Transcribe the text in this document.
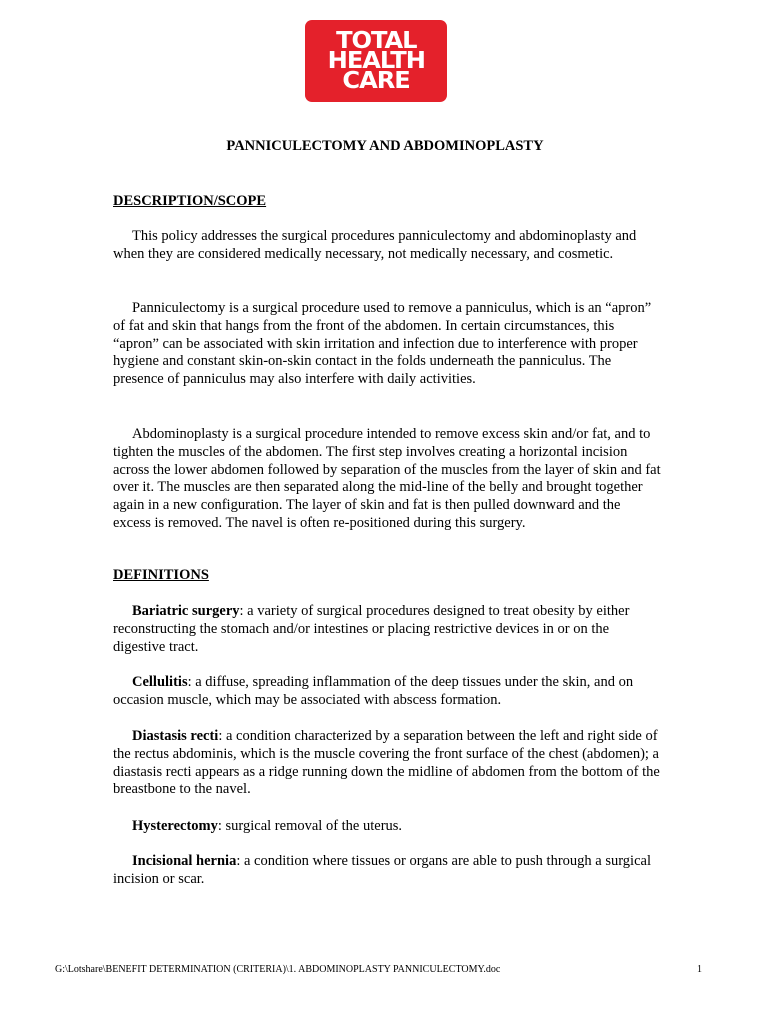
TOTAL
HEALTH
CARE
PANNICULECTOMY AND ABDOMINOPLASTY
DESCRIPTION/SCOPE

This policy addresses the surgical procedures panniculectomy and abdominoplasty and when they are considered medically necessary, not medically necessary, and cosmetic.

Panniculectomy is a surgical procedure used to remove a panniculus, which is an “apron” of fat and skin that hangs from the front of the abdomen. In certain circumstances, this “apron” can be associated with skin irritation and infection due to interference with proper hygiene and constant skin-on-skin contact in the folds underneath the panniculus. The presence of panniculus may also interfere with daily activities.

Abdominoplasty is a surgical procedure intended to remove excess skin and/or fat, and to tighten the muscles of the abdomen. The first step involves creating a horizontal incision across the lower abdomen followed by separation of the muscles from the layer of skin and fat over it. The muscles are then separated along the mid-line of the belly and brought together again in a new configuration. The layer of skin and fat is then pulled downward and the excess is removed. The navel is often re-positioned during this surgery.

DEFINITIONS

Bariatric surgery: a variety of surgical procedures designed to treat obesity by either reconstructing the stomach and/or intestines or placing restrictive devices in or on the digestive tract.

Cellulitis: a diffuse, spreading inflammation of the deep tissues under the skin, and on occasion muscle, which may be associated with abscess formation.

Diastasis recti: a condition characterized by a separation between the left and right side of the rectus abdominis, which is the muscle covering the front surface of the chest (abdomen); a diastasis recti appears as a ridge running down the midline of abdomen from the bottom of the breastbone to the navel.

Hysterectomy: surgical removal of the uterus.

Incisional hernia: a condition where tissues or organs are able to push through a surgical incision or scar.

G:\Lotshare\BENEFIT DETERMINATION (CRITERIA)\1. ABDOMINOPLASTY PANNICULECTOMY.doc	1
